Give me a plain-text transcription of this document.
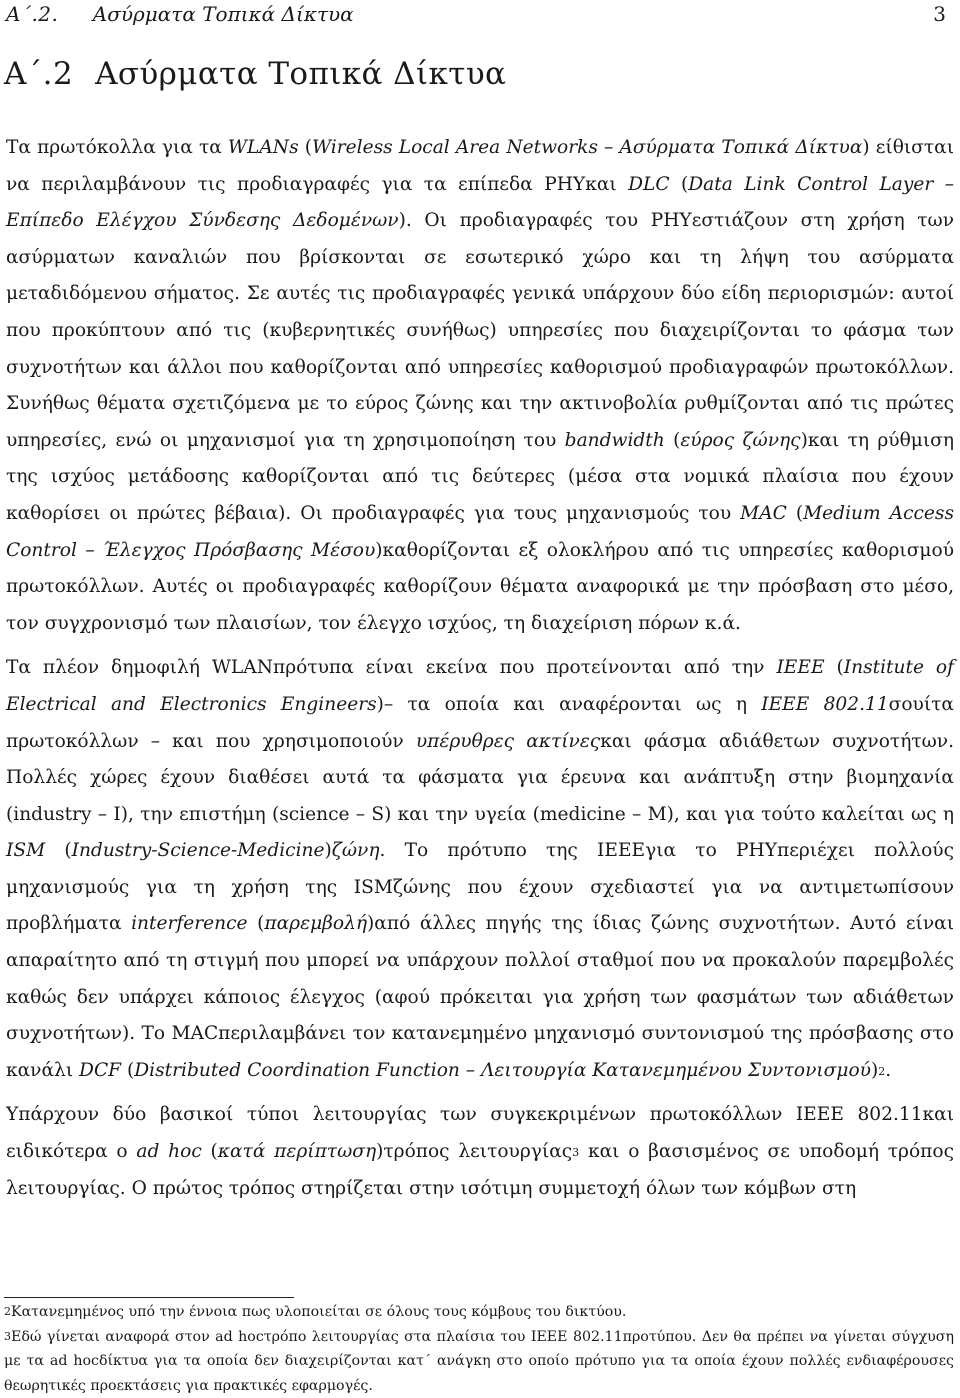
A΄.2. Ασύρματα Τοπικά Δίκτυα	3
A΄.2 Ασύρματα Τοπικά Δίκτυα

Τα πρωτόκολλα για τα WLANs (Wireless Local Area Networks – Ασύρματα Τοπικά Δίκτυα) είθισται να περιλαμβάνουν τις προδιαγραφές για τα επίπεδα PHYκαι DLC (Data Link Control Layer – Επίπεδο Ελέγχου Σύνδεσης Δεδομένων). Οι προδιαγραφές του PHYεστιάζουν στη χρήση των ασύρματων καναλιών που βρίσκονται σε εσωτερικό χώρο και τη λήψη του ασύρματα μεταδιδόμενου σήματος. Σε αυτές τις προδιαγραφές γενικά υπάρχουν δύο είδη περιορισμών: αυτοί που προκύπτουν από τις (κυβερνητικές συνήθως) υπηρεσίες που διαχειρίζονται το φάσμα των συχνοτήτων και άλλοι που καθορίζονται από υπηρεσίες καθορισμού προδιαγραφών πρωτοκόλλων. Συνήθως θέματα σχετιζόμενα με το εύρος ζώνης και την ακτινοβολία ρυθμίζονται από τις πρώτες υπηρεσίες, ενώ οι μηχανισμοί για τη χρησιμοποίηση του bandwidth (εύρος ζώνης)και τη ρύθμιση της ισχύος μετάδοσης καθορίζονται από τις δεύτερες (μέσα στα νομικά πλαίσια που έχουν καθορίσει οι πρώτες βέβαια). Οι προδιαγραφές για τους μηχανισμούς του MAC (Medium Access Control – Έλεγχος Πρόσβασης Μέσου)καθορίζονται εξ ολοκλήρου από τις υπηρεσίες καθορισμού πρωτοκόλλων. Αυτές οι προδιαγραφές καθορίζουν θέματα αναφορικά με την πρόσβαση στο μέσο, τον συγχρονισμό των πλαισίων, τον έλεγχο ισχύος, τη διαχείριση πόρων κ.ά.

Τα πλέον δημοφιλή WLANπρότυπα είναι εκείνα που προτείνονται από την IEEE (Institute of Electrical and Electronics Engineers)– τα οποία και αναφέρονται ως η IEEE 802.11σουίτα πρωτοκόλλων – και που χρησιμοποιούν υπέρυθρες ακτίνεςκαι φάσμα αδιάθετων συχνοτήτων. Πολλές χώρες έχουν διαθέσει αυτά τα φάσματα για έρευνα και ανάπτυξη στην βιομηχανία (industry – I), την επιστήμη (science – S) και την υγεία (medicine – M), και για τούτο καλείται ως η ISM (Industry-Science-Medicine)ζώνη. Το πρότυπο της IEEEγια το PHYπεριέχει πολλούς μηχανισμούς για τη χρήση της ISMζώνης που έχουν σχεδιαστεί για να αντιμετωπίσουν προβλήματα interference (παρεμβολή)από άλλες πηγής της ίδιας ζώνης συχνοτήτων. Αυτό είναι απαραίτητο από τη στιγμή που μπορεί να υπάρχουν πολλοί σταθμοί που να προκαλούν παρεμβολές καθώς δεν υπάρχει κάποιος έλεγχος (αφού πρόκειται για χρήση των φασμάτων των αδιάθετων συχνοτήτων). Το MACπεριλαμβάνει τον κατανεμημένο μηχανισμό συντονισμού της πρόσβασης στο κανάλι DCF (Distributed Coordination Function – Λειτουργία Κατανεμημένου Συντονισμού)$^2$.

Υπάρχουν δύο βασικοί τύποι λειτουργίας των συγκεκριμένων πρωτοκόλλων IEEE 802.11και ειδικότερα ο ad hoc (κατά περίπτωση)τρόπος λειτουργίας$^3$ και ο βασισμένος σε υποδομή τρόπος λειτουργίας. Ο πρώτος τρόπος στηρίζεται στην ισότιμη συμμετοχή όλων των κόμβων στη

$^2$Κατανεμημένος υπό την έννοια πως υλοποιείται σε όλους τους κόμβους του δικτύου.

$^3$Εδώ γίνεται αναφορά στον ad hocτρόπο λειτουργίας στα πλαίσια του IEEE 802.11προτύπου. Δεν θα πρέπει να γίνεται σύγχυση με τα ad hocδίκτυα για τα οποία δεν διαχειρίζονται κατ΄ ανάγκη στο οποίο πρότυπο για τα οποία έχουν πολλές ενδιαφέρουσες θεωρητικές προεκτάσεις για πρακτικές εφαρμογές.
